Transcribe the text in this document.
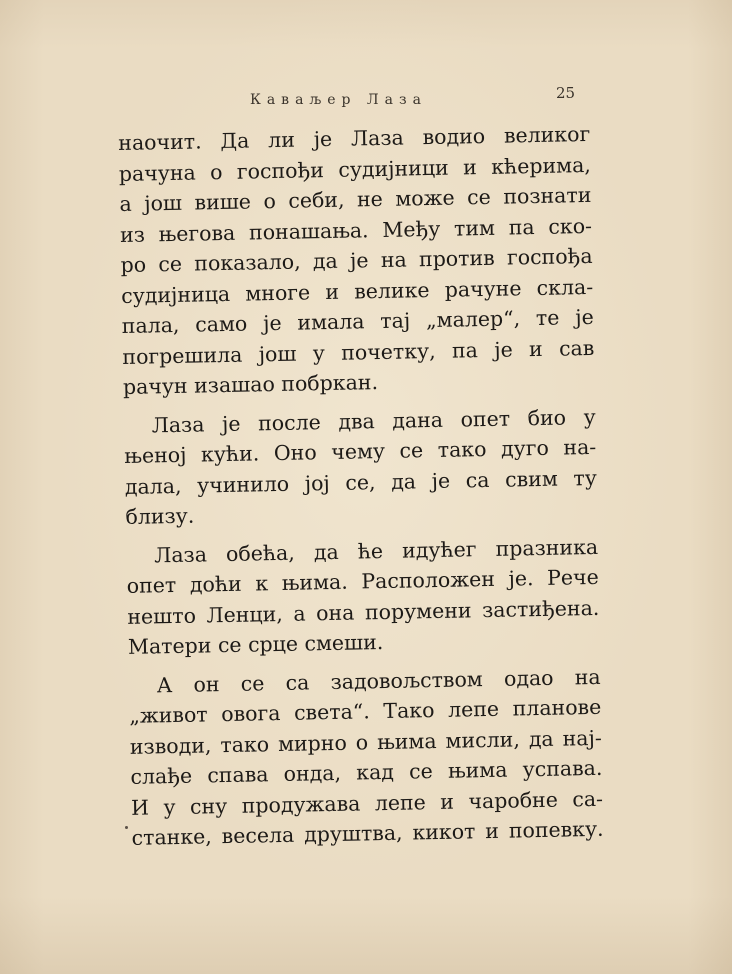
Каваљер Лаза	25

наочит. Да ли је Лаза водио великог
рачуна о госпођи судијници и кћерима,
а још више о себи, не може се познати
из његова понашања. Међу тим па ско-
ро се показало, да је на против госпођа
судијница многе и велике рачуне скла-
пала, само је имала тај „малер“, те је
погрешила још у почетку, па је и сав
рачун изашао побркан.

Лаза је после два дана опет био у
њеној кући. Оно чему се тако дуго на-
дала, учинило јој се, да је са свим ту
близу.

Лаза обећа, да ће идућег празника
опет доћи к њима. Расположен је. Рече
нешто Ленци, а она порумени застиђена.
Матери се срце смеши.

А он се са задовољством одао на
„живот овога света“. Тако лепе планове
изводи, тако мирно о њима мисли, да нај-
слађе спава онда, кад се њима успава.
И у сну продужава лепе и чаробне са-
станке, весела друштва, кикот и попевку.
